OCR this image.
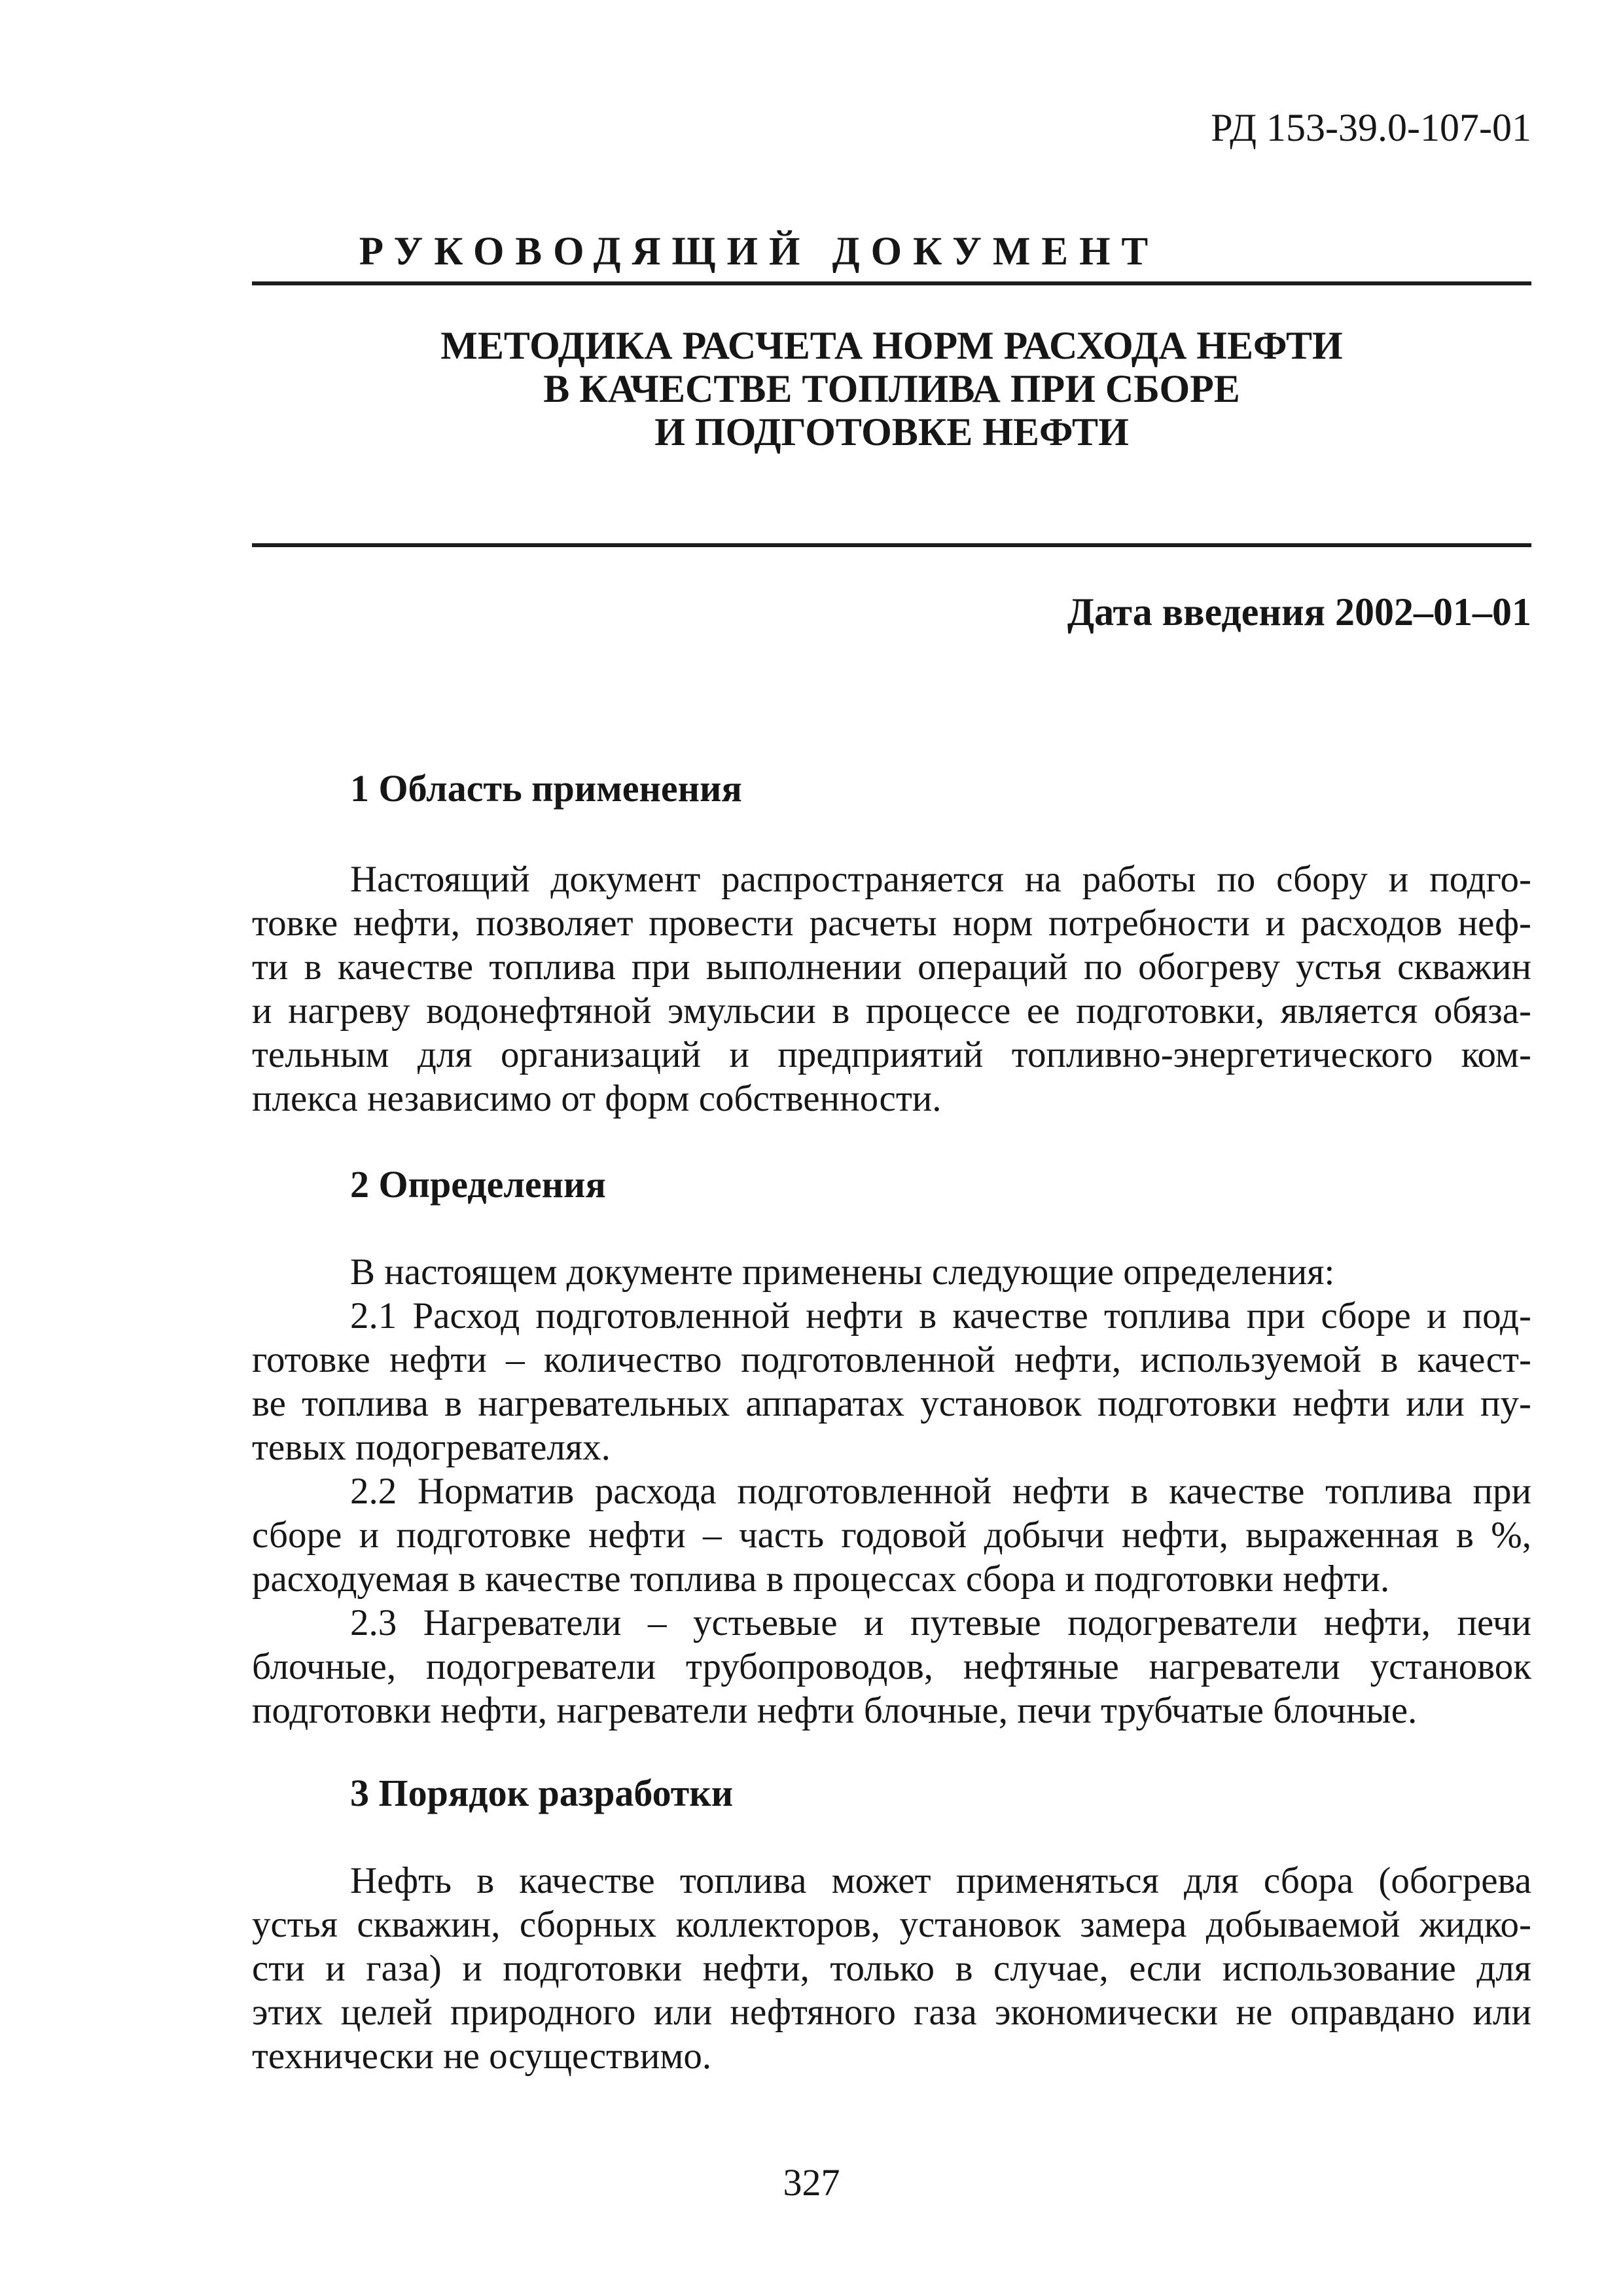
РД 153-39.0-107-01
РУКОВОДЯЩИЙ ДОКУМЕНТ
МЕТОДИКА РАСЧЕТА НОРМ РАСХОДА НЕФТИ
В КАЧЕСТВЕ ТОПЛИВА ПРИ СБОРЕ
И ПОДГОТОВКЕ НЕФТИ
Дата введения 2002–01–01
1 Область применения
Настоящий документ распространяется на работы по сбору и подго-
товке нефти, позволяет провести расчеты норм потребности и расходов неф-
ти в качестве топлива при выполнении операций по обогреву устья скважин
и нагреву водонефтяной эмульсии в процессе ее подготовки, является обяза-
тельным для организаций и предприятий топливно-энергетического ком-
плекса независимо от форм собственности.
2 Определения
В настоящем документе применены следующие определения:
2.1 Расход подготовленной нефти в качестве топлива при сборе и под-
готовке нефти – количество подготовленной нефти, используемой в качест-
ве топлива в нагревательных аппаратах установок подготовки нефти или пу-
тевых подогревателях.
2.2 Норматив расхода подготовленной нефти в качестве топлива при
сборе и подготовке нефти – часть годовой добычи нефти, выраженная в %,
расходуемая в качестве топлива в процессах сбора и подготовки нефти.
2.3 Нагреватели – устьевые и путевые подогреватели нефти, печи
блочные, подогреватели трубопроводов, нефтяные нагреватели установок
подготовки нефти, нагреватели нефти блочные, печи трубчатые блочные.
3 Порядок разработки
Нефть в качестве топлива может применяться для сбора (обогрева
устья скважин, сборных коллекторов, установок замера добываемой жидко-
сти и газа) и подготовки нефти, только в случае, если использование для
этих целей природного или нефтяного газа экономически не оправдано или
технически не осуществимо.
327
